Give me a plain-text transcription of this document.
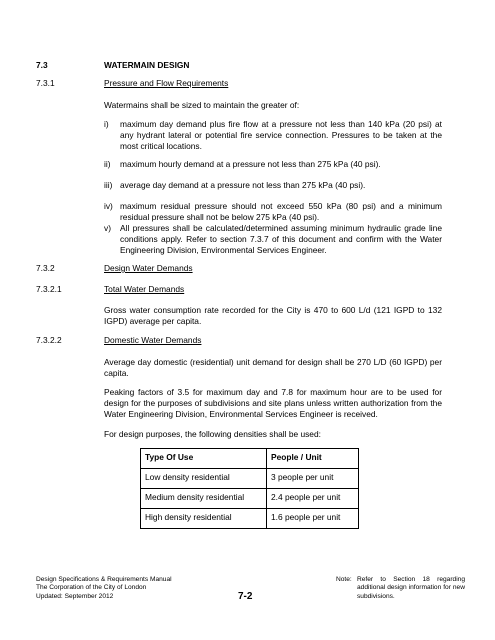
7.3	WATERMAIN DESIGN
7.3.1	Pressure and Flow Requirements
Watermains shall be sized to maintain the greater of:
i)	maximum day demand plus fire flow at a pressure not less than 140 kPa (20 psi) at any hydrant lateral or potential fire service connection. Pressures to be taken at the most critical locations.
ii)	maximum hourly demand at a pressure not less than 275 kPa (40 psi).
iii) average day demand at a pressure not less than 275 kPa (40 psi).
iv) maximum residual pressure should not exceed 550 kPa (80 psi) and a minimum residual pressure shall not be below 275 kPa (40 psi).
v)	All pressures shall be calculated/determined assuming minimum hydraulic grade line conditions apply. Refer to section 7.3.7 of this document and confirm with the Water Engineering Division, Environmental Services Engineer.
7.3.2	Design Water Demands
7.3.2.1	Total Water Demands
Gross water consumption rate recorded for the City is 470 to 600 L/d (121 IGPD to 132 IGPD) average per capita.
7.3.2.2	Domestic Water Demands
Average day domestic (residential) unit demand for design shall be 270 L/D (60 IGPD) per capita.
Peaking factors of 3.5 for maximum day and 7.8 for maximum hour are to be used for design for the purposes of subdivisions and site plans unless written authorization from the Water Engineering Division, Environmental Services Engineer is received.
For design purposes, the following densities shall be used:
Type Of Use	People / Unit
Low density residential	3 people per unit
Medium density residential	2.4 people per unit
High density residential	1.6 people per unit
Design Specifications & Requirements Manual
The Corporation of the City of London
Updated: September 2012	7-2
Note: Refer to Section 18 regarding additional design information for new subdivisions.
